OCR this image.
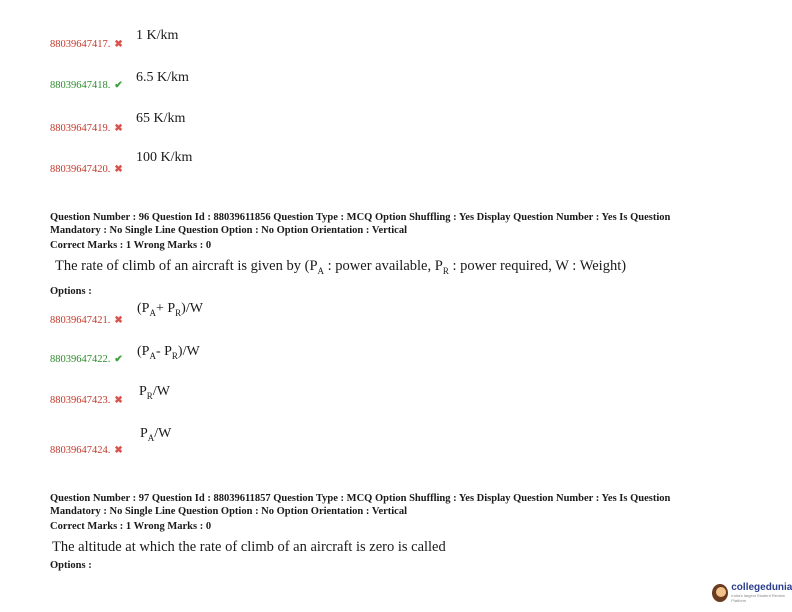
88039647417. ✖
1 K/km
88039647418. ✔
6.5 K/km
88039647419. ✖
65 K/km
88039647420. ✖
100 K/km
Question Number : 96 Question Id : 88039611856 Question Type : MCQ Option Shuffling : Yes Display Question Number : Yes Is Question
Mandatory : No Single Line Question Option : No Option Orientation : Vertical
Correct Marks : 1 Wrong Marks : 0
The rate of climb of an aircraft is given by ($P_A$ : power available, $P_R$ : power required, W : Weight)
Options :
88039647421. ✖
$(P_A+ P_R)/W$
88039647422. ✔
($P_A-$ $P_R)/W$
88039647423. ✖
$P_R/W$
88039647424. ✖
$P_A/W$
Question Number : 97 Question Id : 88039611857 Question Type : MCQ Option Shuffling : Yes Display Question Number : Yes Is Question
Mandatory : No Single Line Question Option : No Option Orientation : Vertical
Correct Marks : 1 Wrong Marks : 0
The altitude at which the rate of climb of an aircraft is zero is called
Options :
collegedunia
India's largest Student Review Platform
